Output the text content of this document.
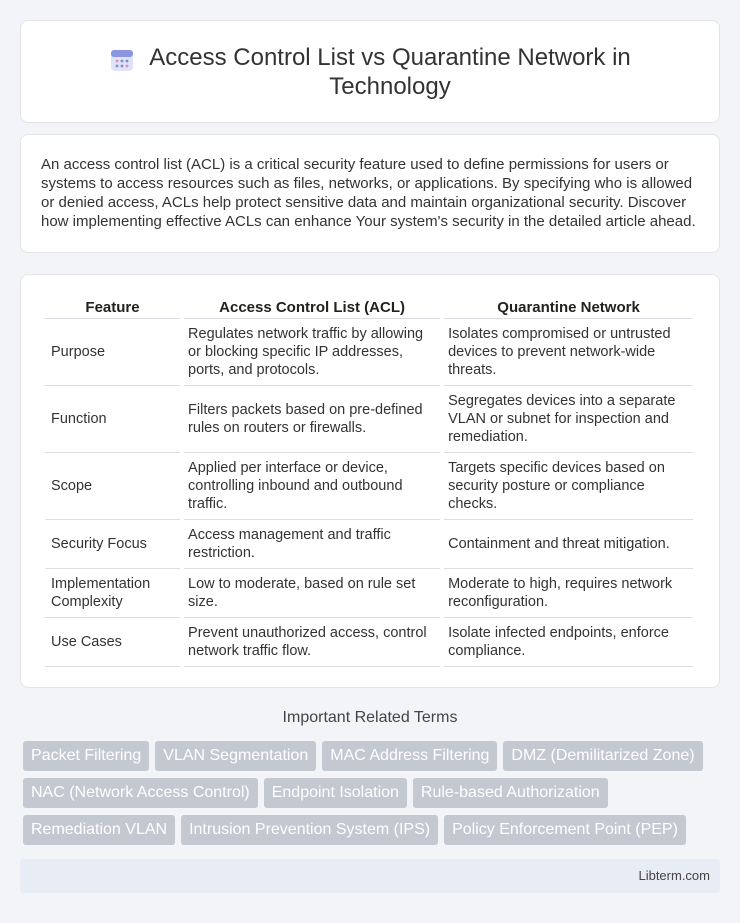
Access Control List vs Quarantine Network in Technology

An access control list (ACL) is a critical security feature used to define permissions for users or systems to access resources such as files, networks, or applications. By specifying who is allowed or denied access, ACLs help protect sensitive data and maintain organizational security. Discover how implementing effective ACLs can enhance Your system's security in the detailed article ahead.

Feature	Access Control List (ACL)	Quarantine Network
Purpose	Regulates network traffic by allowing or blocking specific IP addresses, ports, and protocols.	Isolates compromised or untrusted devices to prevent network-wide threats.
Function	Filters packets based on pre-defined rules on routers or firewalls.	Segregates devices into a separate VLAN or subnet for inspection and remediation.
Scope	Applied per interface or device, controlling inbound and outbound traffic.	Targets specific devices based on security posture or compliance checks.
Security Focus	Access management and traffic restriction.	Containment and threat mitigation.
Implementation Complexity	Low to moderate, based on rule set size.	Moderate to high, requires network reconfiguration.
Use Cases	Prevent unauthorized access, control network traffic flow.	Isolate infected endpoints, enforce compliance.
Important Related Terms
Packet Filtering	VLAN Segmentation	MAC Address Filtering	DMZ (Demilitarized Zone)
NAC (Network Access Control)	Endpoint Isolation	Rule-based Authorization
Remediation VLAN	Intrusion Prevention System (IPS)	Policy Enforcement Point (PEP)
Libterm.com
